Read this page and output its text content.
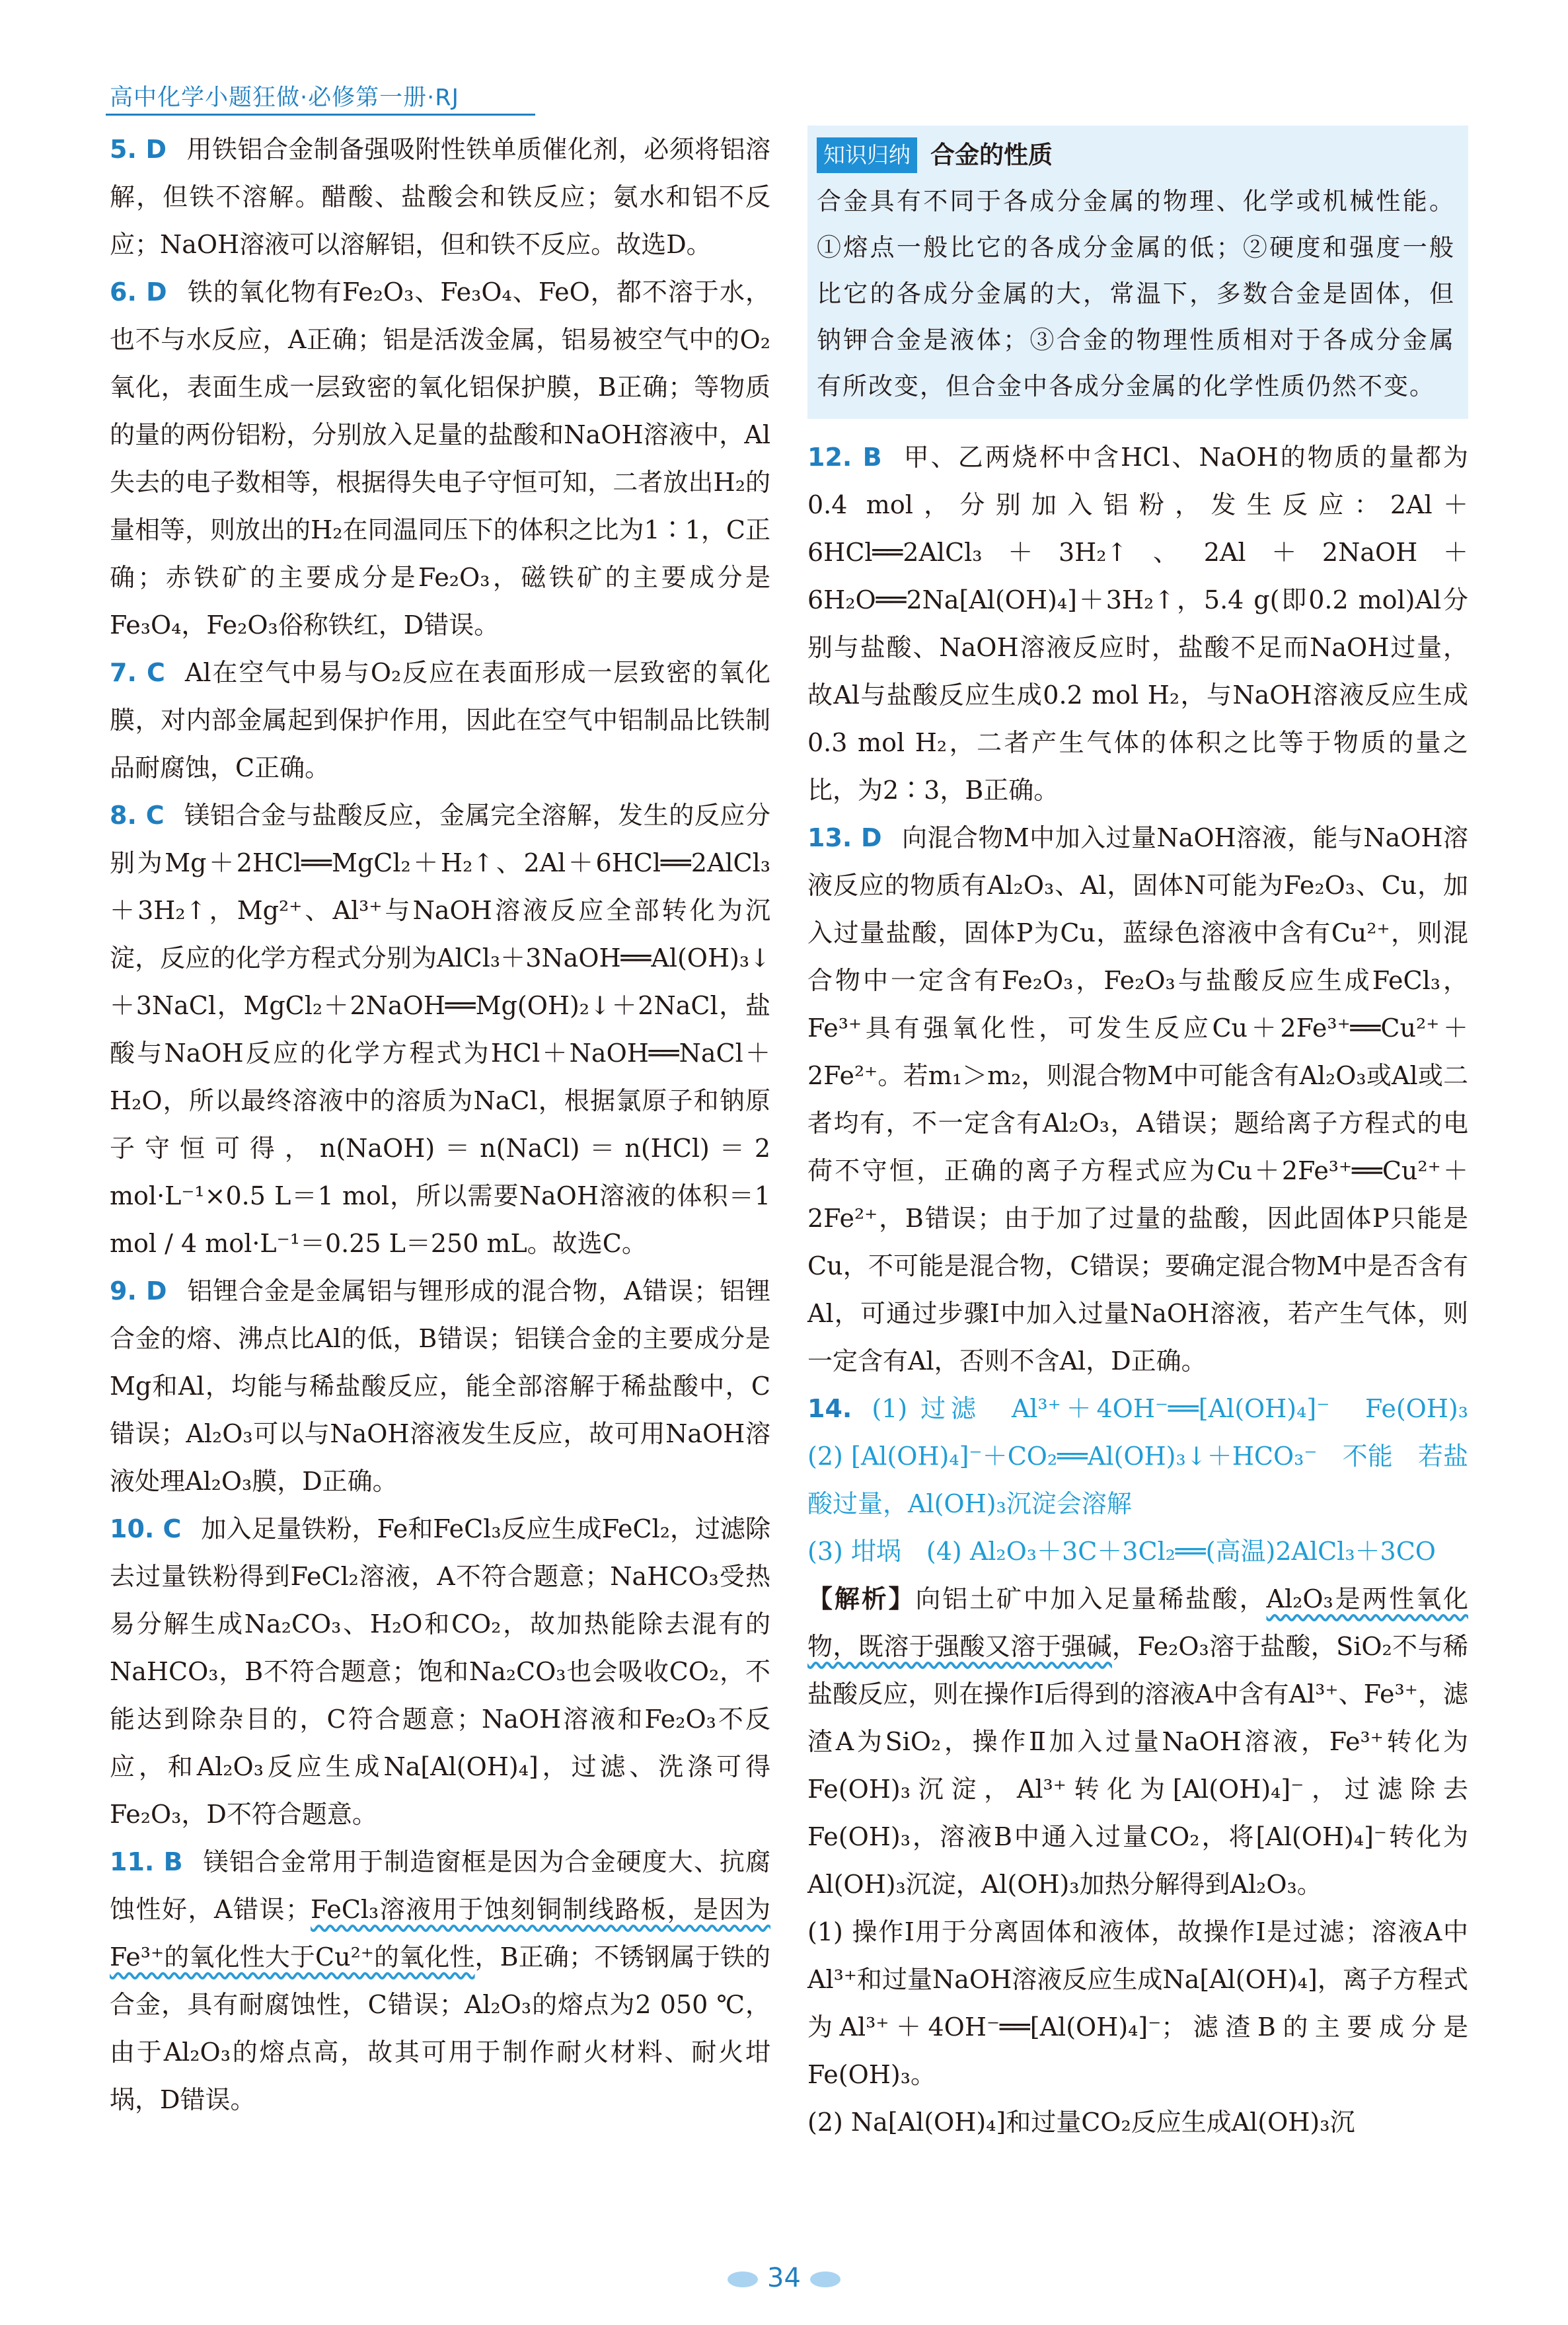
高中化学小题狂做·必修第一册·RJ

5. D 用铁铝合金制备强吸附性铁单质催化剂，必须将铝溶解，但铁不溶解。醋酸、盐酸会和铁反应；氨水和铝不反应；NaOH溶液可以溶解铝，但和铁不反应。故选D。

6. D 铁的氧化物有Fe₂O₃、Fe₃O₄、FeO，都不溶于水，也不与水反应，A正确；铝是活泼金属，铝易被空气中的O₂氧化，表面生成一层致密的氧化铝保护膜，B正确；等物质的量的两份铝粉，分别放入足量的盐酸和NaOH溶液中，Al失去的电子数相等，根据得失电子守恒可知，二者放出H₂的量相等，则放出的H₂在同温同压下的体积之比为1∶1，C正确；赤铁矿的主要成分是Fe₂O₃，磁铁矿的主要成分是Fe₃O₄，Fe₂O₃俗称铁红，D错误。

7. C Al在空气中易与O₂反应在表面形成一层致密的氧化膜，对内部金属起到保护作用，因此在空气中铝制品比铁制品耐腐蚀，C正确。

8. C 镁铝合金与盐酸反应，金属完全溶解，发生的反应分别为Mg＋2HCl══MgCl₂＋H₂↑、2Al＋6HCl══2AlCl₃＋3H₂↑，Mg²⁺、Al³⁺与NaOH溶液反应全部转化为沉淀，反应的化学方程式分别为AlCl₃＋3NaOH══Al(OH)₃↓＋3NaCl，MgCl₂＋2NaOH══Mg(OH)₂↓＋2NaCl，盐酸与NaOH反应的化学方程式为HCl＋NaOH══NaCl＋H₂O，所以最终溶液中的溶质为NaCl，根据氯原子和钠原子守恒可得，n(NaOH)＝n(NaCl)＝n(HCl)＝2 mol·L⁻¹×0.5 L＝1 mol，所以需要NaOH溶液的体积＝1 mol / 4 mol·L⁻¹＝0.25 L＝250 mL。故选C。

9. D 铝锂合金是金属铝与锂形成的混合物，A错误；铝锂合金的熔、沸点比Al的低，B错误；铝镁合金的主要成分是Mg和Al，均能与稀盐酸反应，能全部溶解于稀盐酸中，C错误；Al₂O₃可以与NaOH溶液发生反应，故可用NaOH溶液处理Al₂O₃膜，D正确。

10. C 加入足量铁粉，Fe和FeCl₃反应生成FeCl₂，过滤除去过量铁粉得到FeCl₂溶液，A不符合题意；NaHCO₃受热易分解生成Na₂CO₃、H₂O和CO₂，故加热能除去混有的NaHCO₃，B不符合题意；饱和Na₂CO₃也会吸收CO₂，不能达到除杂目的，C符合题意；NaOH溶液和Fe₂O₃不反应，和Al₂O₃反应生成Na[Al(OH)₄]，过滤、洗涤可得Fe₂O₃，D不符合题意。

11. B 镁铝合金常用于制造窗框是因为合金硬度大、抗腐蚀性好，A错误；FeCl₃溶液用于蚀刻铜制线路板，是因为Fe³⁺的氧化性大于Cu²⁺的氧化性，B正确；不锈钢属于铁的合金，具有耐腐蚀性，C错误；Al₂O₃的熔点为2 050 ℃，由于Al₂O₃的熔点高，故其可用于制作耐火材料、耐火坩埚，D错误。

知识归纳 合金的性质
合金具有不同于各成分金属的物理、化学或机械性能。①熔点一般比它的各成分金属的低；②硬度和强度一般比它的各成分金属的大，常温下，多数合金是固体，但钠钾合金是液体；③合金的物理性质相对于各成分金属有所改变，但合金中各成分金属的化学性质仍然不变。

12. B 甲、乙两烧杯中含HCl、NaOH的物质的量都为0.4 mol，分别加入铝粉，发生反应：2Al＋6HCl══2AlCl₃＋3H₂↑、2Al＋2NaOH＋6H₂O══2Na[Al(OH)₄]＋3H₂↑，5.4 g(即0.2 mol)Al分别与盐酸、NaOH溶液反应时，盐酸不足而NaOH过量，故Al与盐酸反应生成0.2 mol H₂，与NaOH溶液反应生成0.3 mol H₂，二者产生气体的体积之比等于物质的量之比，为2∶3，B正确。

13. D 向混合物M中加入过量NaOH溶液，能与NaOH溶液反应的物质有Al₂O₃、Al，固体N可能为Fe₂O₃、Cu，加入过量盐酸，固体P为Cu，蓝绿色溶液中含有Cu²⁺，则混合物中一定含有Fe₂O₃，Fe₂O₃与盐酸反应生成FeCl₃，Fe³⁺具有强氧化性，可发生反应Cu＋2Fe³⁺══Cu²⁺＋2Fe²⁺。若m₁＞m₂，则混合物M中可能含有Al₂O₃或Al或二者均有，不一定含有Al₂O₃，A错误；题给离子方程式的电荷不守恒，正确的离子方程式应为Cu＋2Fe³⁺══Cu²⁺＋2Fe²⁺，B错误；由于加了过量的盐酸，因此固体P只能是Cu，不可能是混合物，C错误；要确定混合物M中是否含有Al，可通过步骤Ⅰ中加入过量NaOH溶液，若产生气体，则一定含有Al，否则不含Al，D正确。

14. (1) 过滤　Al³⁺＋4OH⁻══[Al(OH)₄]⁻　Fe(OH)₃　(2) [Al(OH)₄]⁻＋CO₂══Al(OH)₃↓＋HCO₃⁻　不能　若盐酸过量，Al(OH)₃沉淀会溶解

(3) 坩埚　(4) Al₂O₃＋3C＋3Cl₂══(高温)2AlCl₃＋3CO

【解析】向铝土矿中加入足量稀盐酸，Al₂O₃是两性氧化物，既溶于强酸又溶于强碱，Fe₂O₃溶于盐酸，SiO₂不与稀盐酸反应，则在操作Ⅰ后得到的溶液A中含有Al³⁺、Fe³⁺，滤渣A为SiO₂，操作Ⅱ加入过量NaOH溶液，Fe³⁺转化为Fe(OH)₃沉淀，Al³⁺转化为[Al(OH)₄]⁻，过滤除去Fe(OH)₃，溶液B中通入过量CO₂，将[Al(OH)₄]⁻转化为Al(OH)₃沉淀，Al(OH)₃加热分解得到Al₂O₃。

(1) 操作Ⅰ用于分离固体和液体，故操作Ⅰ是过滤；溶液A中Al³⁺和过量NaOH溶液反应生成Na[Al(OH)₄]，离子方程式为Al³⁺＋4OH⁻══[Al(OH)₄]⁻；滤渣B的主要成分是Fe(OH)₃。

(2) Na[Al(OH)₄]和过量CO₂反应生成Al(OH)₃沉

34
